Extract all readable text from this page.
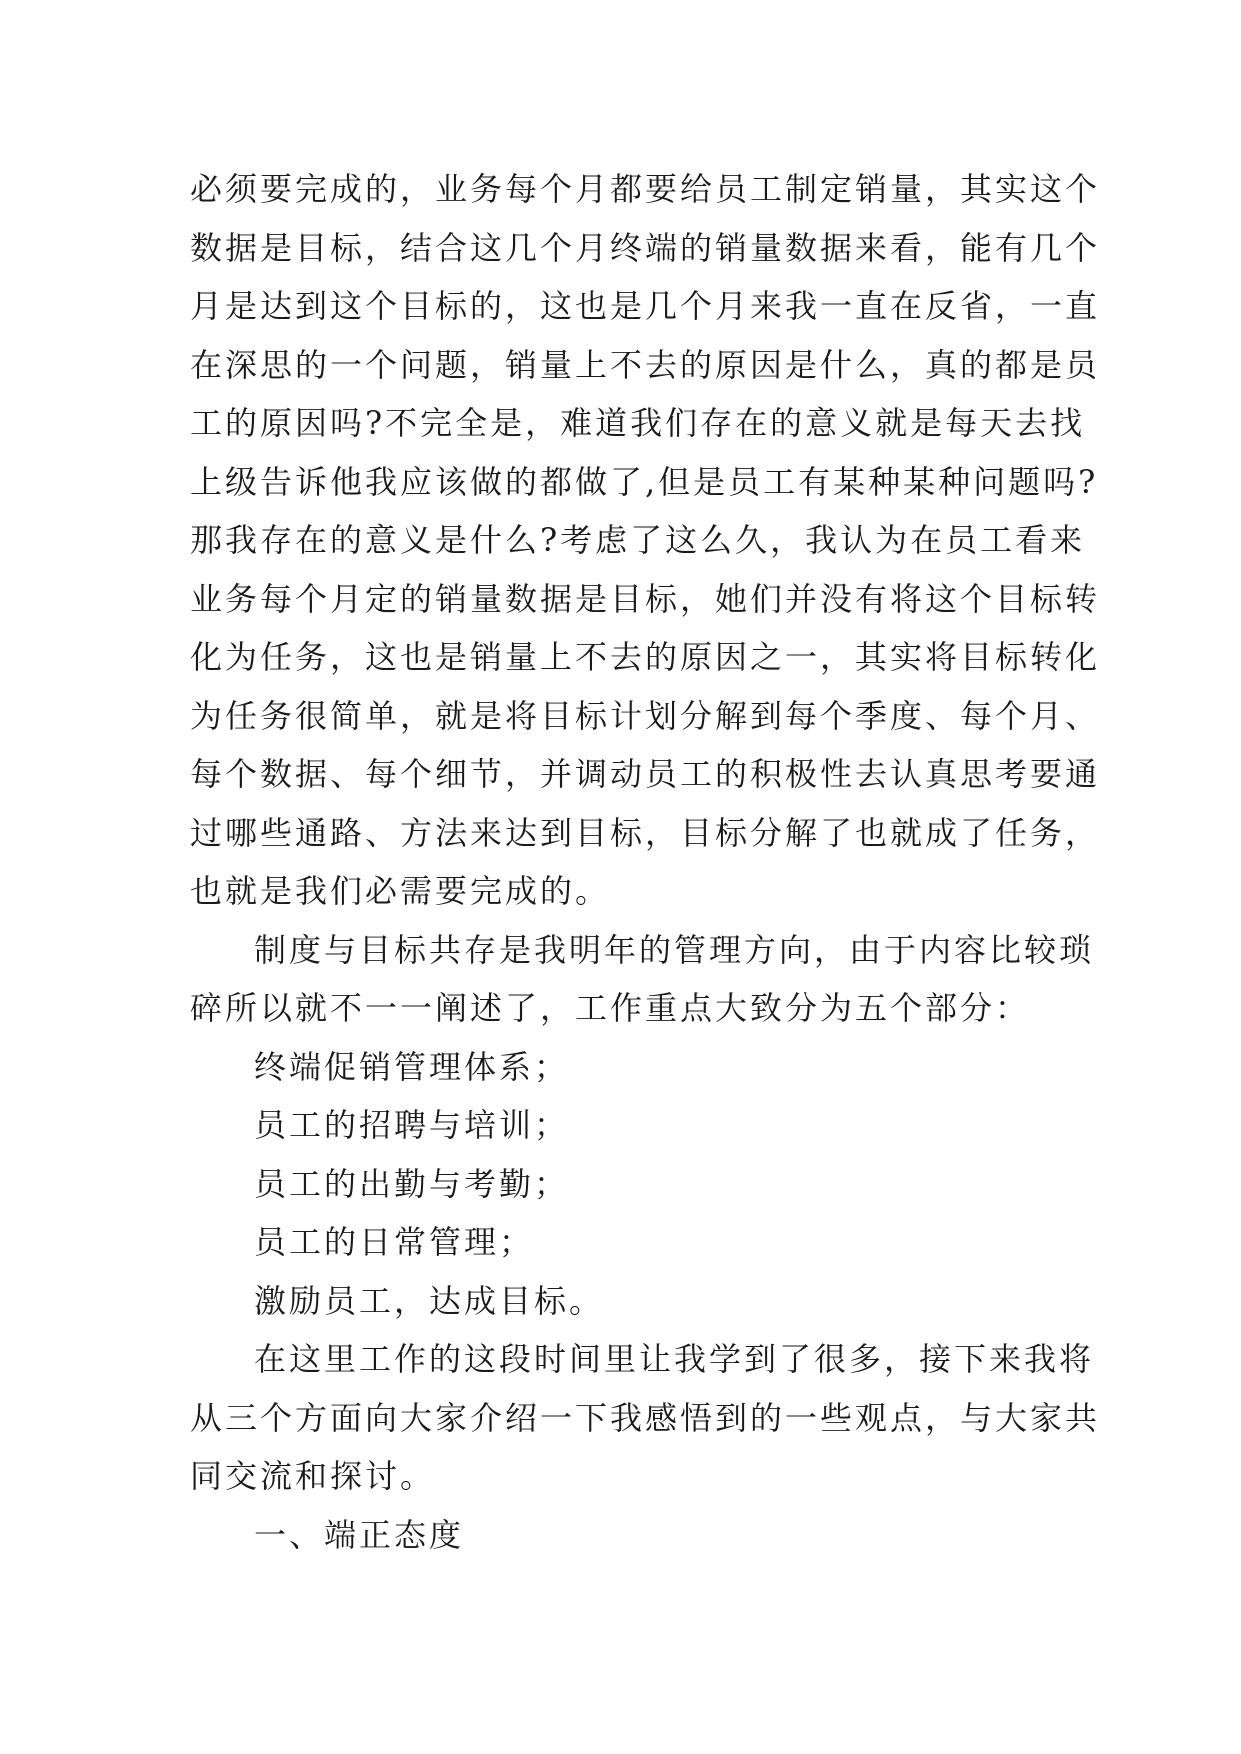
必须要完成的，业务每个月都要给员工制定销量，其实这个
数据是目标，结合这几个月终端的销量数据来看，能有几个
月是达到这个目标的，这也是几个月来我一直在反省，一直
在深思的一个问题，销量上不去的原因是什么，真的都是员
工的原因吗?不完全是，难道我们存在的意义就是每天去找
上级告诉他我应该做的都做了,但是员工有某种某种问题吗?
那我存在的意义是什么?考虑了这么久，我认为在员工看来
业务每个月定的销量数据是目标，她们并没有将这个目标转
化为任务，这也是销量上不去的原因之一，其实将目标转化
为任务很简单，就是将目标计划分解到每个季度、每个月、
每个数据、每个细节，并调动员工的积极性去认真思考要通
过哪些通路、方法来达到目标，目标分解了也就成了任务，
也就是我们必需要完成的。
制度与目标共存是我明年的管理方向，由于内容比较琐
碎所以就不一一阐述了，工作重点大致分为五个部分：
终端促销管理体系；
员工的招聘与培训；
员工的出勤与考勤；
员工的日常管理；
激励员工，达成目标。
在这里工作的这段时间里让我学到了很多，接下来我将
从三个方面向大家介绍一下我感悟到的一些观点，与大家共
同交流和探讨。
一、端正态度
